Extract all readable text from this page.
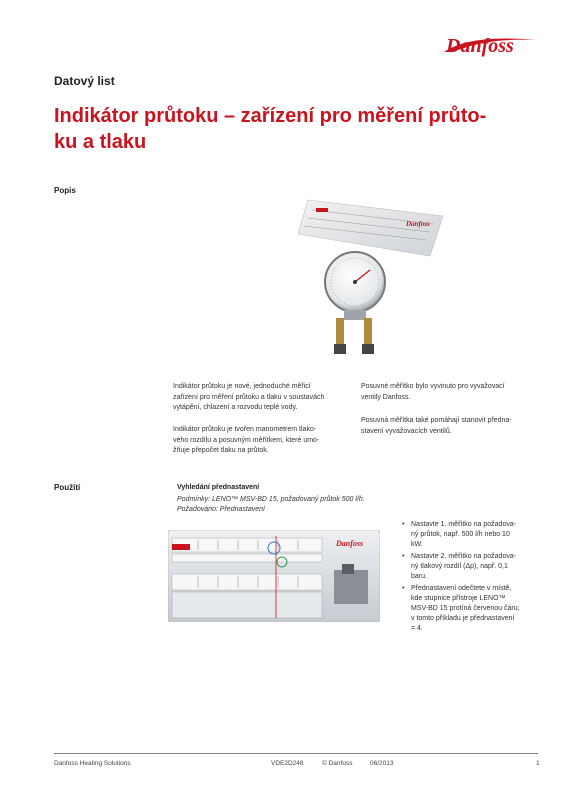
Danfoss
Datový list
Indikátor průtoku – zařízení pro měření průto-
ku a tlaku
Popis
Danfoss
Indikátor průtoku je nové, jednoduché měřicí
zařízení pro měření průtoku a tlaku v soustavách
vytápění, chlazení a rozvodu teplé vody.
Indikátor průtoku je tvořen manometrem tlako-
vého rozdílu a posuvným měřítkem, které umo-
žňuje přepočet tlaku na průtok.
Posuvné měřítko bylo vyvinuto pro vyvažovací
ventily Danfoss.
Posuvná měřítka také pomáhají stanovit předna-
stavení vyvažovacích ventilů.
Použití	Vyhledání přednastavení
Podmínky: LENO™ MSV-BD 15, požadovaný průtok 500 l/h.
Požadováno: Přednastavení
Danfoss
• Nastavte 1. měřítko na požadova-
ný průtok, např. 500 l/h nebo 10
kW.
• Nastavte 2. měřítko na požadova-
ný tlakový rozdíl (Δp), např. 0,1
baru.
• Přednastavení odečtete v místě,
kde stupnice přístroje LENO™
MSV-BD 15 protíná červenou čáru;
v tomto příkladu je přednastavení
= 4.
Danfoss Heating Solutions	VDE2D248	© Danfoss	06/2013	1
